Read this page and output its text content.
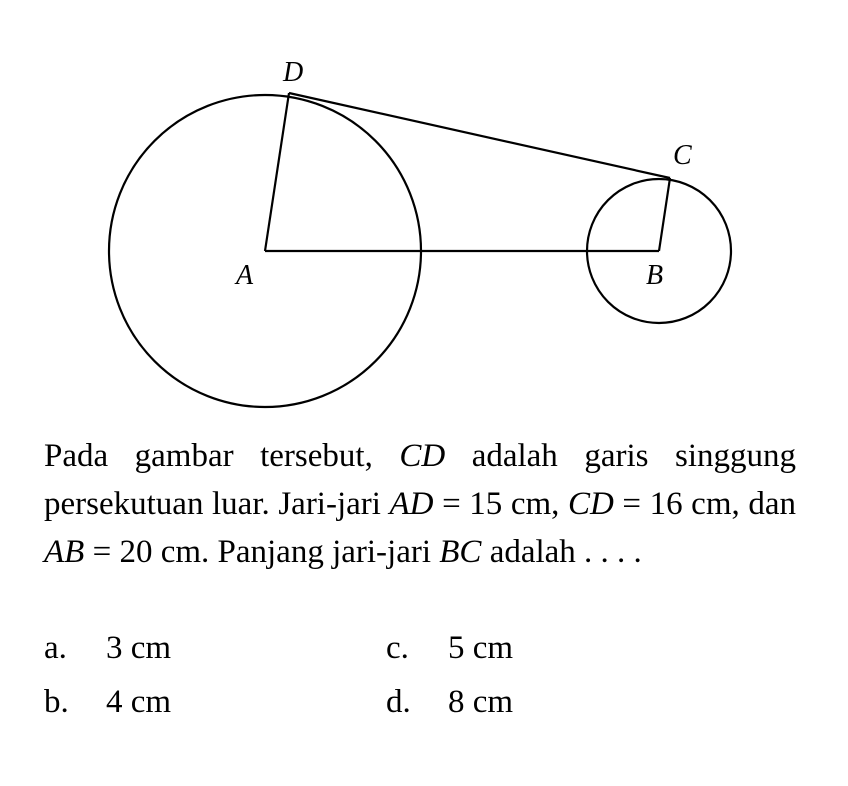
D
C
A	B

Pada gambar tersebut, CD adalah garis singgung persekutuan luar. Jari-jari AD = 15 cm, CD = 16 cm, dan AB = 20 cm. Panjang jari-jari BC adalah . . . .

a. 3 cm
b. 4 cm
c. 5 cm
d. 8 cm
